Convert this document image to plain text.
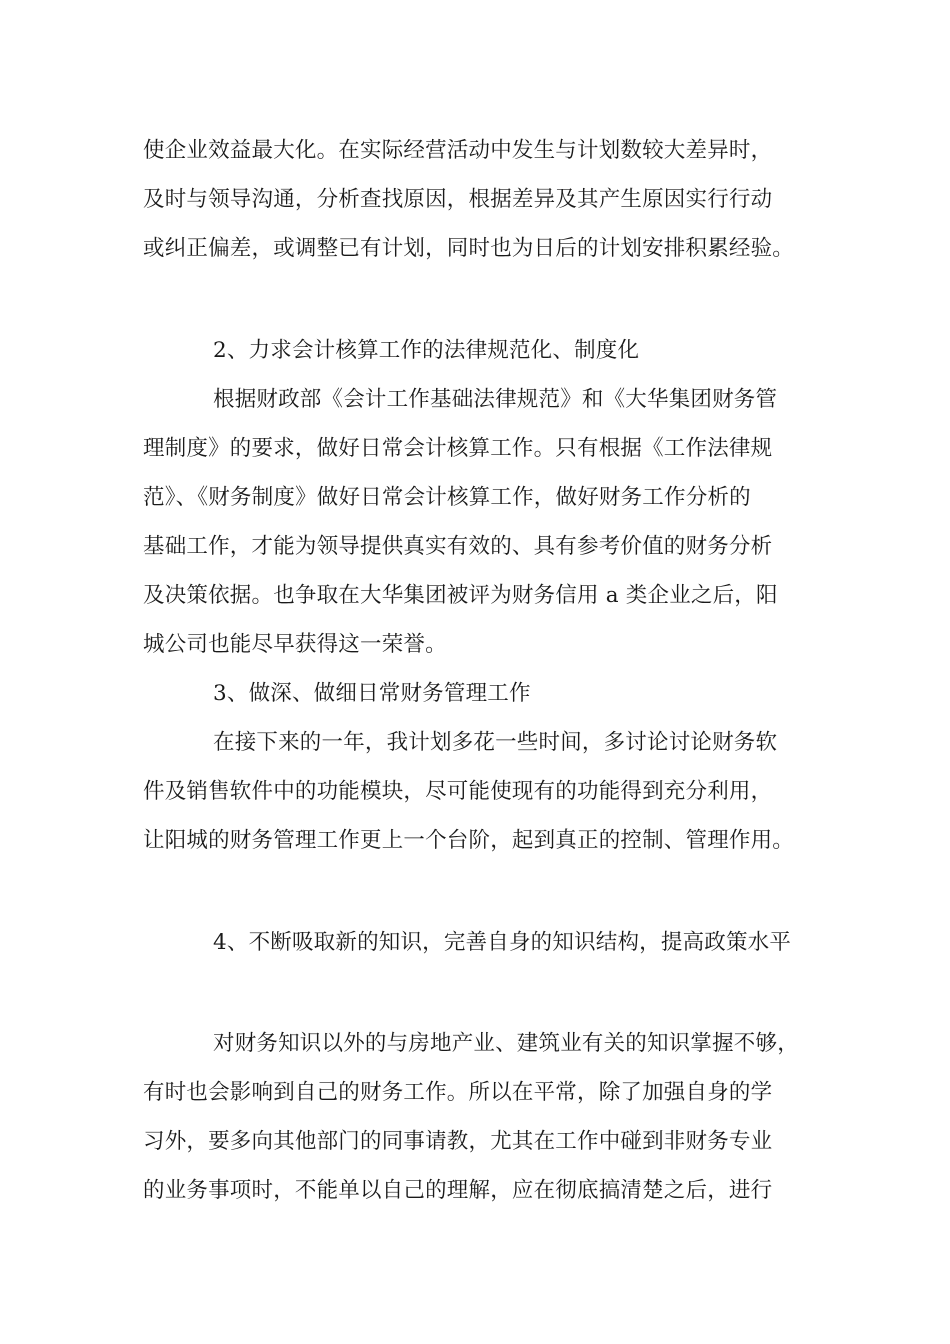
使企业效益最大化。在实际经营活动中发生与计划数较大差异时，
及时与领导沟通，分析查找原因，根据差异及其产生原因实行行动
或纠正偏差，或调整已有计划，同时也为日后的计划安排积累经验。
2、力求会计核算工作的法律规范化、制度化
根据财政部《会计工作基础法律规范》和《大华集团财务管
理制度》的要求，做好日常会计核算工作。只有根据《工作法律规
范》、《财务制度》做好日常会计核算工作，做好财务工作分析的
基础工作，才能为领导提供真实有效的、具有参考价值的财务分析
及决策依据。也争取在大华集团被评为财务信用 a 类企业之后，阳
城公司也能尽早获得这一荣誉。
3、做深、做细日常财务管理工作
在接下来的一年，我计划多花一些时间，多讨论讨论财务软
件及销售软件中的功能模块，尽可能使现有的功能得到充分利用，
让阳城的财务管理工作更上一个台阶，起到真正的控制、管理作用。
4、不断吸取新的知识，完善自身的知识结构，提高政策水平
对财务知识以外的与房地产业、建筑业有关的知识掌握不够，
有时也会影响到自己的财务工作。所以在平常，除了加强自身的学
习外，要多向其他部门的同事请教，尤其在工作中碰到非财务专业
的业务事项时，不能单以自己的理解，应在彻底搞清楚之后，进行
